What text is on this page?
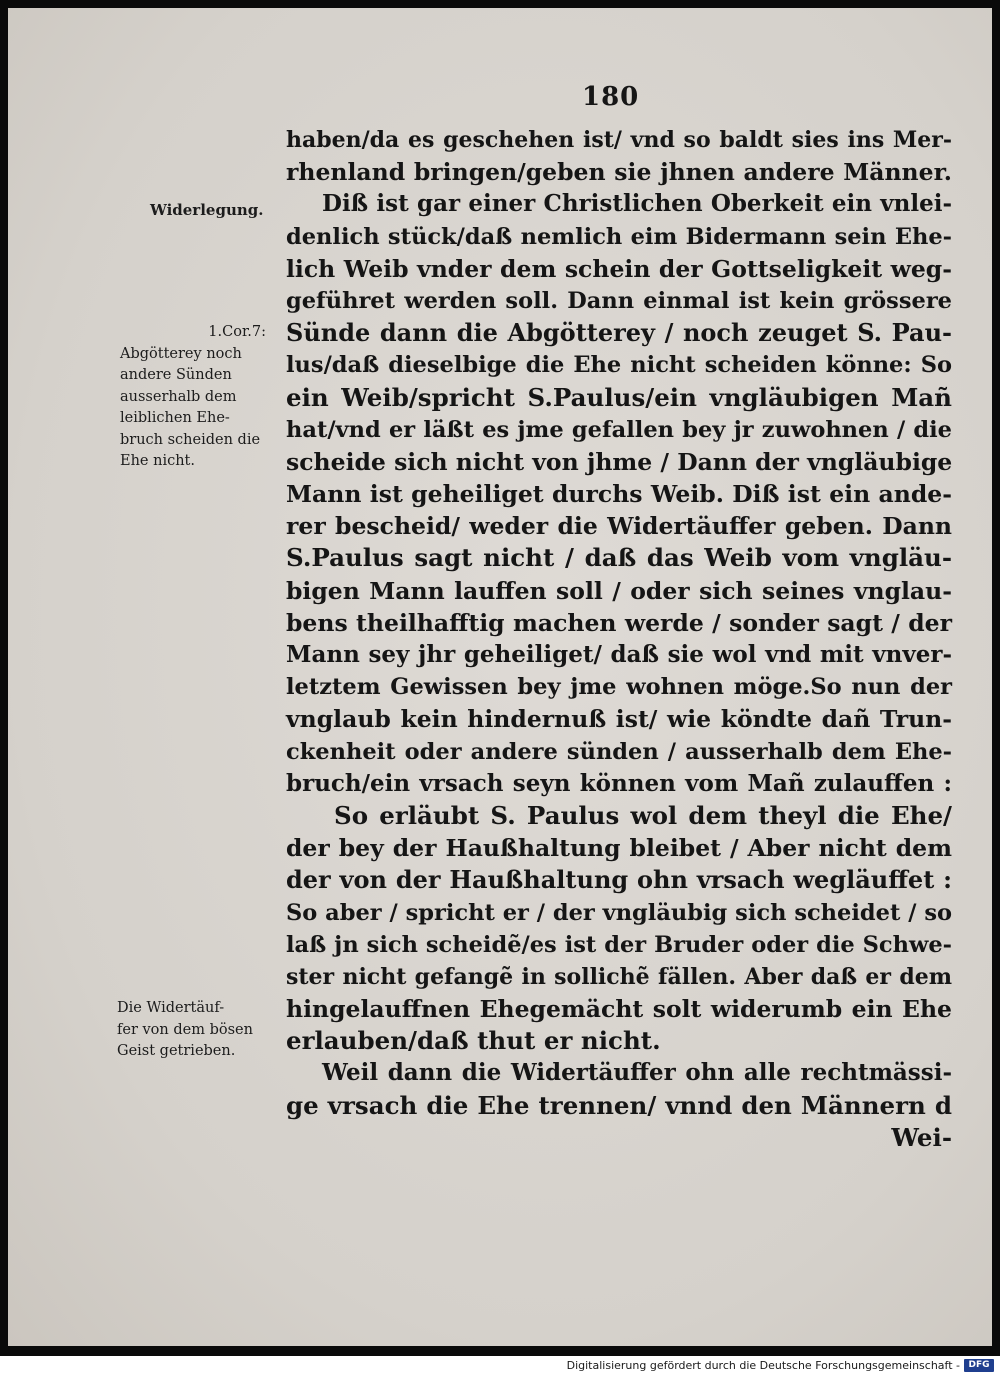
180
Widerlegung.
1.Cor.7:
Abgötterey noch
andere Sünden
ausserhalb dem
leiblichen Ehe-
bruch scheiden die
Ehe nicht.
Die Widertäuf-
fer von dem bösen
Geist getrieben.
haben/da es geschehen ist/ vnd so baldt sies ins Mer-
rhenland bringen/geben sie jhnen andere Männer.
Diß ist gar einer Christlichen Oberkeit ein vnlei-
denlich stück/daß nemlich eim Bidermann sein Ehe-
lich Weib vnder dem schein der Gottseligkeit weg-
geführet werden soll. Dann einmal ist kein grössere
Sünde dann die Abgötterey / noch zeuget S. Pau-
lus/daß dieselbige die Ehe nicht scheiden könne: So
ein Weib/spricht S.Paulus/ein vngläubigen Mañ
hat/vnd er läßt es jme gefallen bey jr zuwohnen / die
scheide sich nicht von jhme / Dann der vngläubige
Mann ist geheiliget durchs Weib. Diß ist ein ande-
rer bescheid/ weder die Widertäuffer geben. Dann
S.Paulus sagt nicht / daß das Weib vom vngläu-
bigen Mann lauffen soll / oder sich seines vnglau-
bens theilhafftig machen werde / sonder sagt / der
Mann sey jhr geheiliget/ daß sie wol vnd mit vnver-
letztem Gewissen bey jme wohnen möge.So nun der
vnglaub kein hindernuß ist/ wie köndte dañ Trun-
ckenheit oder andere sünden / ausserhalb dem Ehe-
bruch/ein vrsach seyn können vom Mañ zulauffen :
So erläubt S. Paulus wol dem theyl die Ehe/
der bey der Haußhaltung bleibet / Aber nicht dem
der von der Haußhaltung ohn vrsach wegläuffet :
So aber / spricht er / der vngläubig sich scheidet / so
laß jn sich scheidẽ/es ist der Bruder oder die Schwe-
ster nicht gefangẽ in sollichẽ fällen. Aber daß er dem
hingelauffnen Ehegemächt solt widerumb ein Ehe
erlauben/daß thut er nicht.
Weil dann die Widertäuffer ohn alle rechtmässi-
ge vrsach die Ehe trennen/ vnnd den Männern d
Wei-
Digitalisierung gefördert durch die Deutsche Forschungsgemeinschaft - DFG
